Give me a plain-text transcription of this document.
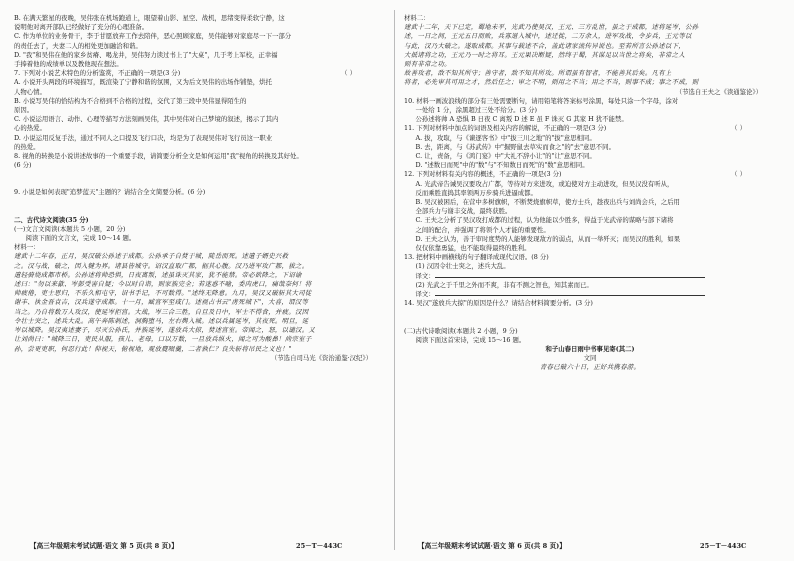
B. 在满天繁星的夜晚，吴伟张在机场跑道上，眼望着山影、星空、战机，思绪变得柔软宁静，这

说明他对离开部队已经做好了充分的心理准备。

C. 作为单位的业务骨干，李于甘愿放弃工作去陪伴，恶心照顾家庭，吴伟能够对家庭尽一下一部分

的责任去了，夫妻二人的相处更加融洽和谐。

D. "我"和吴伟在他的家乡贫瘠、喝龙井，吴伟努力读过书上了"大桌"，几于考上军校，正幸福

手捧着他的成绩单以及教他现在想法。

7. 下列对小说艺术特色的分析鉴赏，不正确的一项是(3 分)	（ ）

A. 小说开头两段的环境描写，既渲染了宁静和谐的氛围，又为后文吴伟的出场作铺垫，烘托

人物心情。

B. 小说写吴伟的恰结构为不合格到不合格的过程，交代了第三段中吴伟显得陌生的

原因。

C. 小说运用语言、动作、心理等描写方法刻画吴伟，其中吴伟对自己梦境的叙述，揭示了其内

心的热爱。

D. 小说运用反复手法，通过不同人之口提及飞行口决，均是为了表现吴伟对飞行员这一职业

的热爱。

8. 视角的转换是小说讲述故事的一个重要手段，请简要分析全文是如何运用"我"视角的转换及其好处。

(6 分)

9. 小说是如何表现"追梦蓝天"主题的？请结合全文简要分析。(6 分)

二、古代诗文阅读(35 分)

(一)文言文阅读(本题共 5 小题，20 分)

阅读下面的文言文，完成 10～14 题。

材料一：

建武十二年春，正月，吴汉破公孙述于成都。公孙承子自焚于城，陡岳而死。述遣子婿史兴救

之。汉与战，破之，因入犍为界。诸县皆城守。诏汉直取广都，据其心腹。汉乃进军攻广都，拔之。

遣轻骑烧成都市桥。公孙述将帅恐惧，日夜离叛，述虽诛灭其家，犹不能禁。帝必欲降之，下诏谕

述曰："勿以来歙、岑彭受害自疑；今以时自诣，则家族完全；若迷惑不喻，委肉虎口，痛哉奈何！将

帅疲倦，吏士思归，不乐久相屯守，诏书手记，不可数得。"述终无降意。九月，吴汉又破斩其大司徒

谢丰、执金吾袁吉，汉兵遂守成都。十一月，臧宫军至咸门。述视占书云"虏死城下"，大喜，谓汉等

当之。乃自将数万人攻汉，使延岑拒宫。大战，岑三合三胜，自旦及日中，军士不得食，并疲。汉因

令壮士突之，述兵大乱。高午奔陈刺述，洞胸堕马，左右舆入城。述以兵属延岑，其夜死。明旦，延

岑以城降。吴汉夷述妻子，尽灭公孙氏，并族延岑，遂放兵大掠，焚述宫室。帝闻之，怒，以谴汉。又

让刘尚曰："城降三日，吏民从服，孩儿、老母，口以万数，一旦放兵纵火，闻之可为酸鼻！尚宗室子

孙，尝更吏职，何忍行此！仰视天，俯视地，观放麑啜羹，二者孰仁？良失斩将吊民之义也！"

（节选自司马光《资治通鉴·汉纪》）

材料二：

建武十二年，天下已定，蜀地未平，光武乃使吴汉，王元、三方乱世，虽之于成都，述将延岑，公孙

述，一日之间，王元五日而败，兵寡退入城中，述迁徙，二万余人，进军攻战，令步兵，王元等以

与此，汉乃大破之。遂取成都。其事与载述不合，盖此诸家流传异说也。至若所言公孙述以下，

大抵诸将之功，王元乃一时之将耳。王元果决断疑，然终于蜀，其谋足以当世之将矣，非常之人

则有非常之功。

故善攻者，敌不知其所守；善守者，敌不知其所攻。所谓虽有智者，不能善其后矣。凡有上

将者，必先审其可用之才，然后任之；审之不明，则用之不当；用之不当，则事不成；事之不成，则

（节选自王夫之《读通鉴论》）

10. 材料一画波浪线的部分有三处需要断句，请用铅笔将答案标号涂黑，每处只涂一个字母，涂对

一处给 1 分，涂黑超过三处不给分。(3 分)

公孙述将帅 A 恐惧 B 日夜 C 离叛 D 述 E 虽 F 诛灭 G 其家 H 犹不能禁。

11. 下列对材料中加点的词语及相关内容的解说，不正确的一项是(3 分)	（ ）

A. 拔，攻取，与《谏逐客书》中"拔三川之地"的"拔"意思相同。

B. 去，距离，与《苏武传》中"掘野鼠去草实而食之"的"去"意思不同。

C. 让，责备，与《鸿门宴》中"大礼不辞小让"的"让"意思不同。

D. "述数日而死"中的"数"与"不知数日而死"的"数"意思相同。

12. 下列对材料有关内容的概述，不正确的一项是(3 分)	（ ）

A. 光武帝告诫吴汉要攻占广都，等待对方来进攻，或迫使对方主动进攻，但吴汉没有听从，

反而乘胜直捣其率领两万步骑兵进逼成都。

B. 吴汉被困后，在营中多树旗帜，不断焚烧旗帜草，使方士兵，趁夜出兵与刘尚会兵，之后用

全部兵力与谢丰交战，最终获胜。

C. 王夫之分析了吴汉攻打成都的过程，认为他能以少胜多，得益于光武帝的谋略与部下诸将

之间的配合，并强调了将领个人才能的重要性。

D. 王夫之认为，善于审时度势的人能够发现敌方的弱点，从而一举歼灭；而吴汉的胜利，如果

仅仅依靠勇猛，也不能取得最终的胜利。

13. 把材料中画横线的句子翻译成现代汉语。(8 分)

(1) 汉因令壮士突之，述兵大乱。

译文：

(2) 光武之于千里之外而不爽，非有不测之智也，知其素而已。

译文：

14. 吴汉"遂放兵大掠"的原因是什么？请结合材料简要分析。(3 分)

(二)古代诗歌阅读(本题共 2 小题，9 分)

阅读下面这首宋诗，完成 15～16 题。

和子山春日雨中书事见寄(其二)

文同

青春已破六十日，正好共携春游。

【高三年级期末考试试题·语文 第 5 页(共 8 页)】	25－T－443C	【高三年级期末考试试题·语文 第 6 页(共 8 页)】	25－T－443C
